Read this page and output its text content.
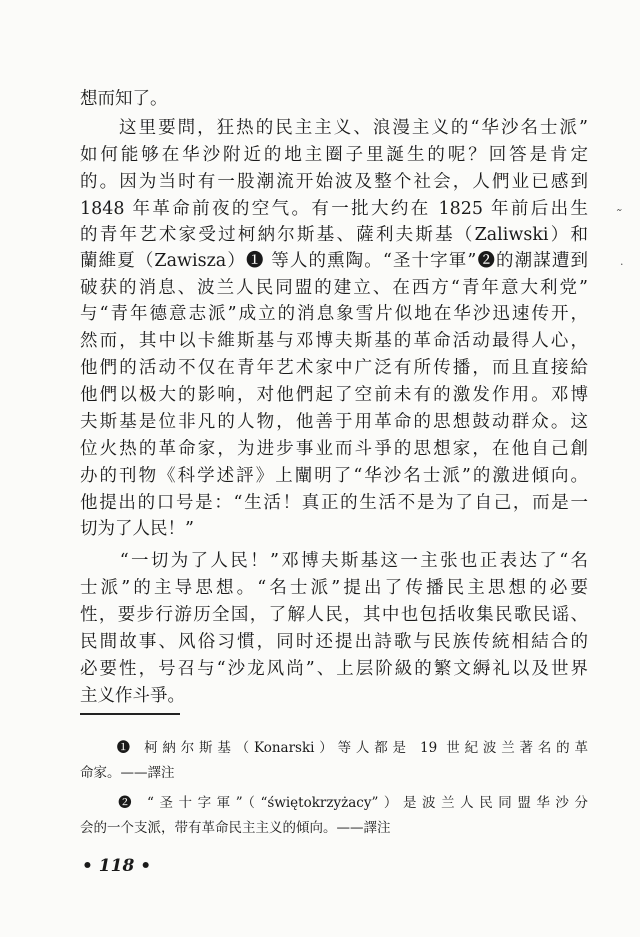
想而知了。
　　这里要問，狂热的民主主义、浪漫主义的“华沙名士派”
如何能够在华沙附近的地主圈子里誕生的呢？回答是肯定
的。因为当时有一股潮流开始波及整个社会，人們业已感到
1848 年革命前夜的空气。有一批大约在 1825 年前后出生
的青年艺术家受过柯納尔斯基、薩利夫斯基（Zaliwski）和
蘭維夏（Zawisza）❶ 等人的熏陶。“圣十字軍”❷的潮謀遭到
破获的消息、波兰人民同盟的建立、在西方“青年意大利党”
与“青年德意志派”成立的消息象雪片似地在华沙迅速传开，
然而，其中以卡維斯基与邓博夫斯基的革命活动最得人心，
他們的活动不仅在青年艺术家中广泛有所传播，而且直接給
他們以极大的影响，对他們起了空前未有的激发作用。邓博
夫斯基是位非凡的人物，他善于用革命的思想鼓动群众。这
位火热的革命家，为进步事业而斗爭的思想家，在他自己創
办的刊物《科学述評》上闡明了“华沙名士派”的激进傾向。
他提出的口号是：“生活！真正的生活不是为了自己，而是一
切为了人民！”
　　“一切为了人民！”邓博夫斯基这一主张也正表达了“名
士派”的主导思想。“名士派”提出了传播民主思想的必要
性，要步行游历全国，了解人民，其中也包括收集民歌民谣、
民間故事、风俗习慣，同时还提出詩歌与民族传統相結合的
必要性，号召与“沙龙风尚”、上层阶級的繁文縟礼以及世界
主义作斗爭。
　　❶ 柯納尔斯基（Konarski）等人都是 19 世紀波兰著名的革
命家。——譯注
　　❷ “圣十字軍”（“świętokrzyżacy”）是波兰人民同盟华沙分
会的一个支派，带有革命民主主义的傾向。——譯注
• 118 •
·
